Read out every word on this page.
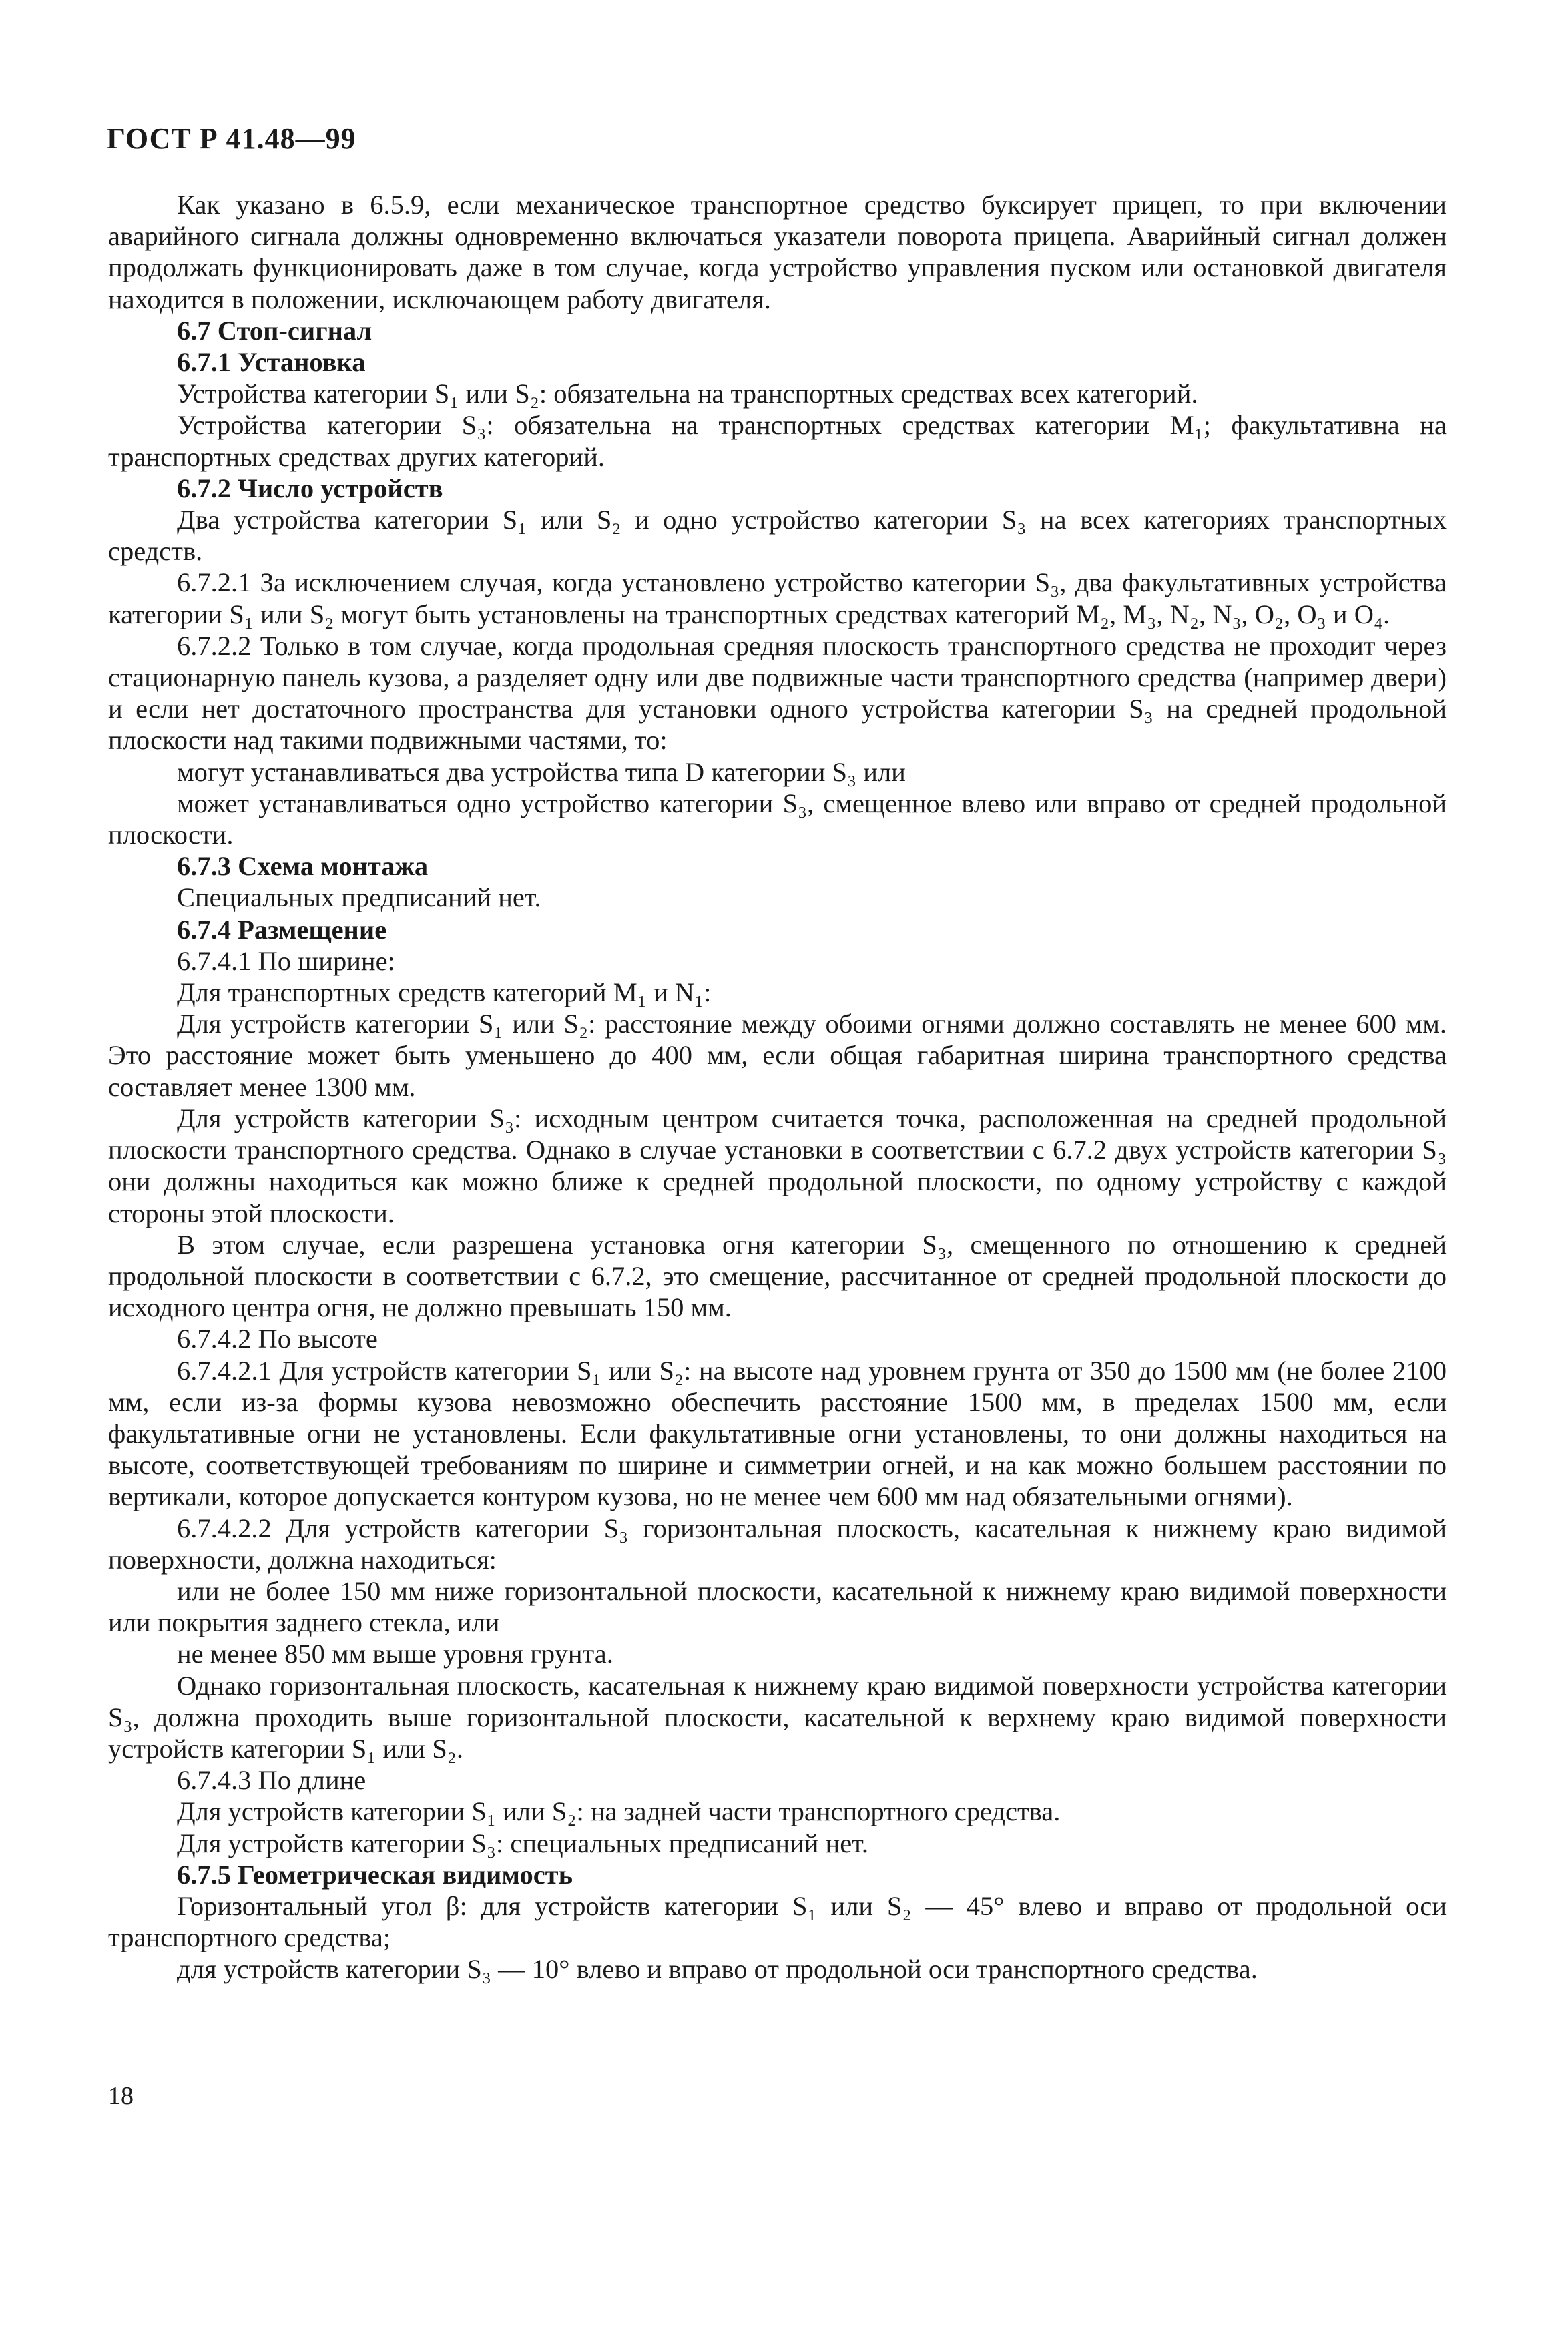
ГОСТ Р 41.48—99

Как указано в 6.5.9, если механическое транспортное средство буксирует прицеп, то при включении аварийного сигнала должны одновременно включаться указатели поворота прицепа. Аварийный сигнал должен продолжать функционировать даже в том случае, когда устройство управления пуском или остановкой двигателя находится в положении, исключающем работу двигателя.

6.7 Стоп-сигнал

6.7.1 Установка

Устройства категории S₁ или S₂: обязательна на транспортных средствах всех категорий.

Устройства категории S₃: обязательна на транспортных средствах категории M₁; факультативна на транспортных средствах других категорий.

6.7.2 Число устройств

Два устройства категории S₁ или S₂ и одно устройство категории S₃ на всех категориях транспортных средств.

6.7.2.1 За исключением случая, когда установлено устройство категории S₃, два факультативных устройства категории S₁ или S₂ могут быть установлены на транспортных средствах категорий M₂, M₃, N₂, N₃, O₂, O₃ и O₄.

6.7.2.2 Только в том случае, когда продольная средняя плоскость транспортного средства не проходит через стационарную панель кузова, а разделяет одну или две подвижные части транспортного средства (например двери) и если нет достаточного пространства для установки одного устройства категории S₃ на средней продольной плоскости над такими подвижными частями, то:

могут устанавливаться два устройства типа D категории S₃ или

может устанавливаться одно устройство категории S₃, смещенное влево или вправо от средней продольной плоскости.

6.7.3 Схема монтажа

Специальных предписаний нет.

6.7.4 Размещение

6.7.4.1 По ширине:

Для транспортных средств категорий M₁ и N₁:

Для устройств категории S₁ или S₂: расстояние между обоими огнями должно составлять не менее 600 мм. Это расстояние может быть уменьшено до 400 мм, если общая габаритная ширина транспортного средства составляет менее 1300 мм.

Для устройств категории S₃: исходным центром считается точка, расположенная на средней продольной плоскости транспортного средства. Однако в случае установки в соответствии с 6.7.2 двух устройств категории S₃ они должны находиться как можно ближе к средней продольной плоскости, по одному устройству с каждой стороны этой плоскости.

В этом случае, если разрешена установка огня категории S₃, смещенного по отношению к средней продольной плоскости в соответствии с 6.7.2, это смещение, рассчитанное от средней продольной плоскости до исходного центра огня, не должно превышать 150 мм.

6.7.4.2 По высоте

6.7.4.2.1 Для устройств категории S₁ или S₂: на высоте над уровнем грунта от 350 до 1500 мм (не более 2100 мм, если из-за формы кузова невозможно обеспечить расстояние 1500 мм, в пределах 1500 мм, если факультативные огни не установлены. Если факультативные огни установлены, то они должны находиться на высоте, соответствующей требованиям по ширине и симметрии огней, и на как можно большем расстоянии по вертикали, которое допускается контуром кузова, но не менее чем 600 мм над обязательными огнями).

6.7.4.2.2 Для устройств категории S₃ горизонтальная плоскость, касательная к нижнему краю видимой поверхности, должна находиться:

или не более 150 мм ниже горизонтальной плоскости, касательной к нижнему краю видимой поверхности или покрытия заднего стекла, или

не менее 850 мм выше уровня грунта.

Однако горизонтальная плоскость, касательная к нижнему краю видимой поверхности устройства категории S₃, должна проходить выше горизонтальной плоскости, касательной к верхнему краю видимой поверхности устройств категории S₁ или S₂.

6.7.4.3 По длине

Для устройств категории S₁ или S₂: на задней части транспортного средства.

Для устройств категории S₃: специальных предписаний нет.

6.7.5 Геометрическая видимость

Горизонтальный угол β: для устройств категории S₁ или S₂ — 45° влево и вправо от продольной оси транспортного средства;

для устройств категории S₃ — 10° влево и вправо от продольной оси транспортного средства.

18
